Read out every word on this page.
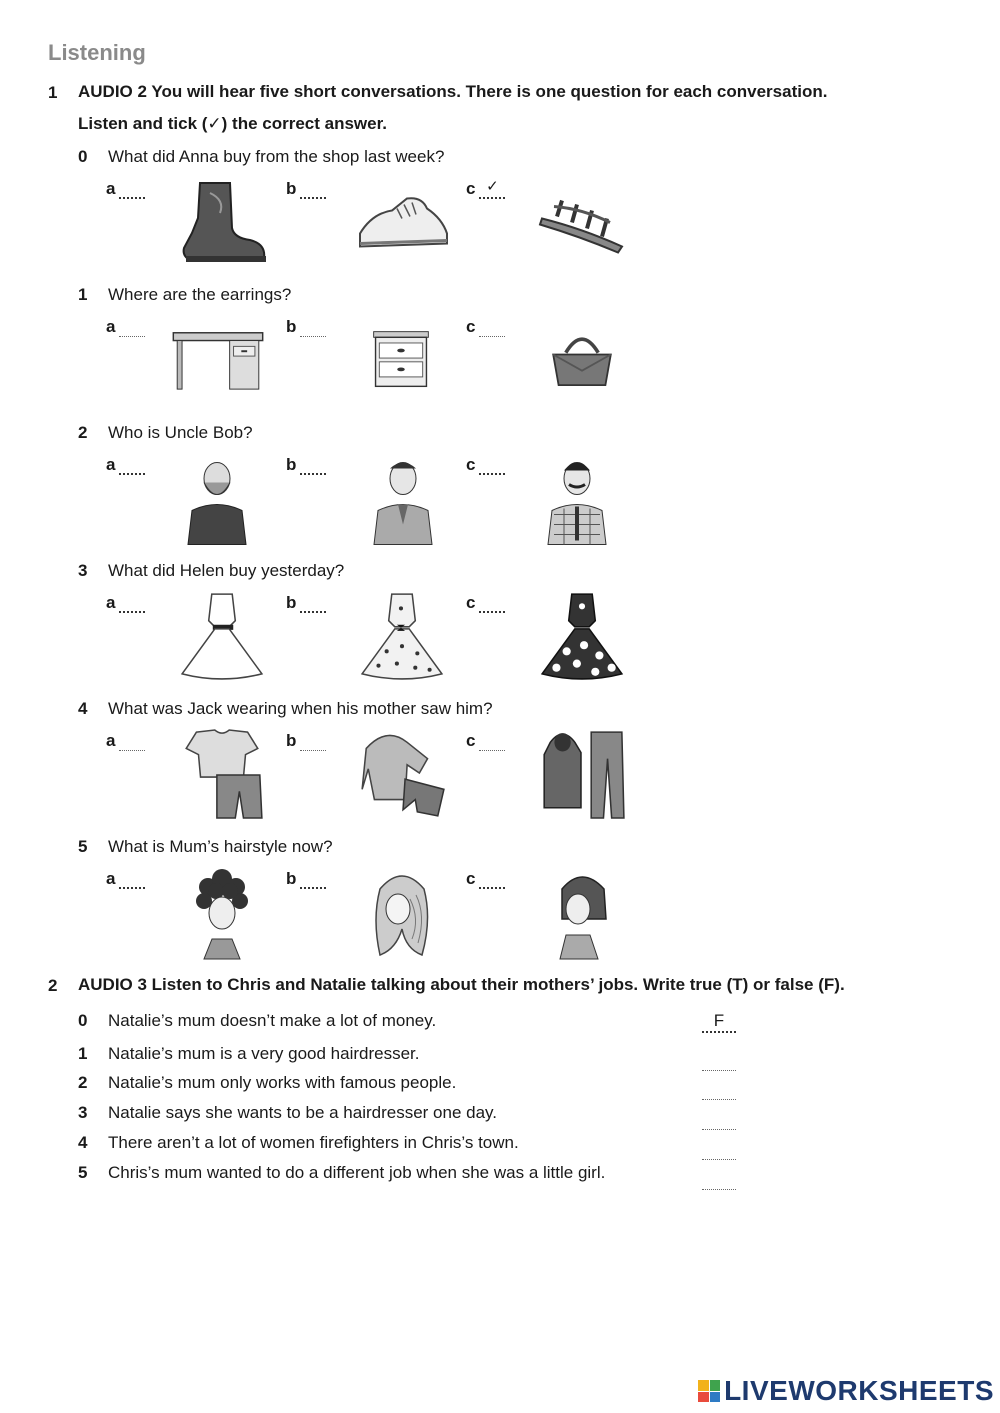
Listening
1 AUDIO 2 You will hear five short conversations. There is one question for each conversation.
Listen and tick (✓) the correct answer.
0 What did Anna buy from the shop last week?
a	b	c ✓
1 Where are the earrings?
a	b	c
2 Who is Uncle Bob?
a	b	c
3 What did Helen buy yesterday?
a	b	c
4 What was Jack wearing when his mother saw him?
a	b	c
5 What is Mum’s hairstyle now?
a	b	c
2 AUDIO 3 Listen to Chris and Natalie talking about their mothers’ jobs. Write true (T) or false (F).
0 Natalie’s mum doesn’t make a lot of money.	F
1 Natalie’s mum is a very good hairdresser.
2 Natalie’s mum only works with famous people.
3 Natalie says she wants to be a hairdresser one day.
4 There aren’t a lot of women firefighters in Chris’s town.
5 Chris’s mum wanted to do a different job when she was a little girl.
LIVEWORKSHEETS
